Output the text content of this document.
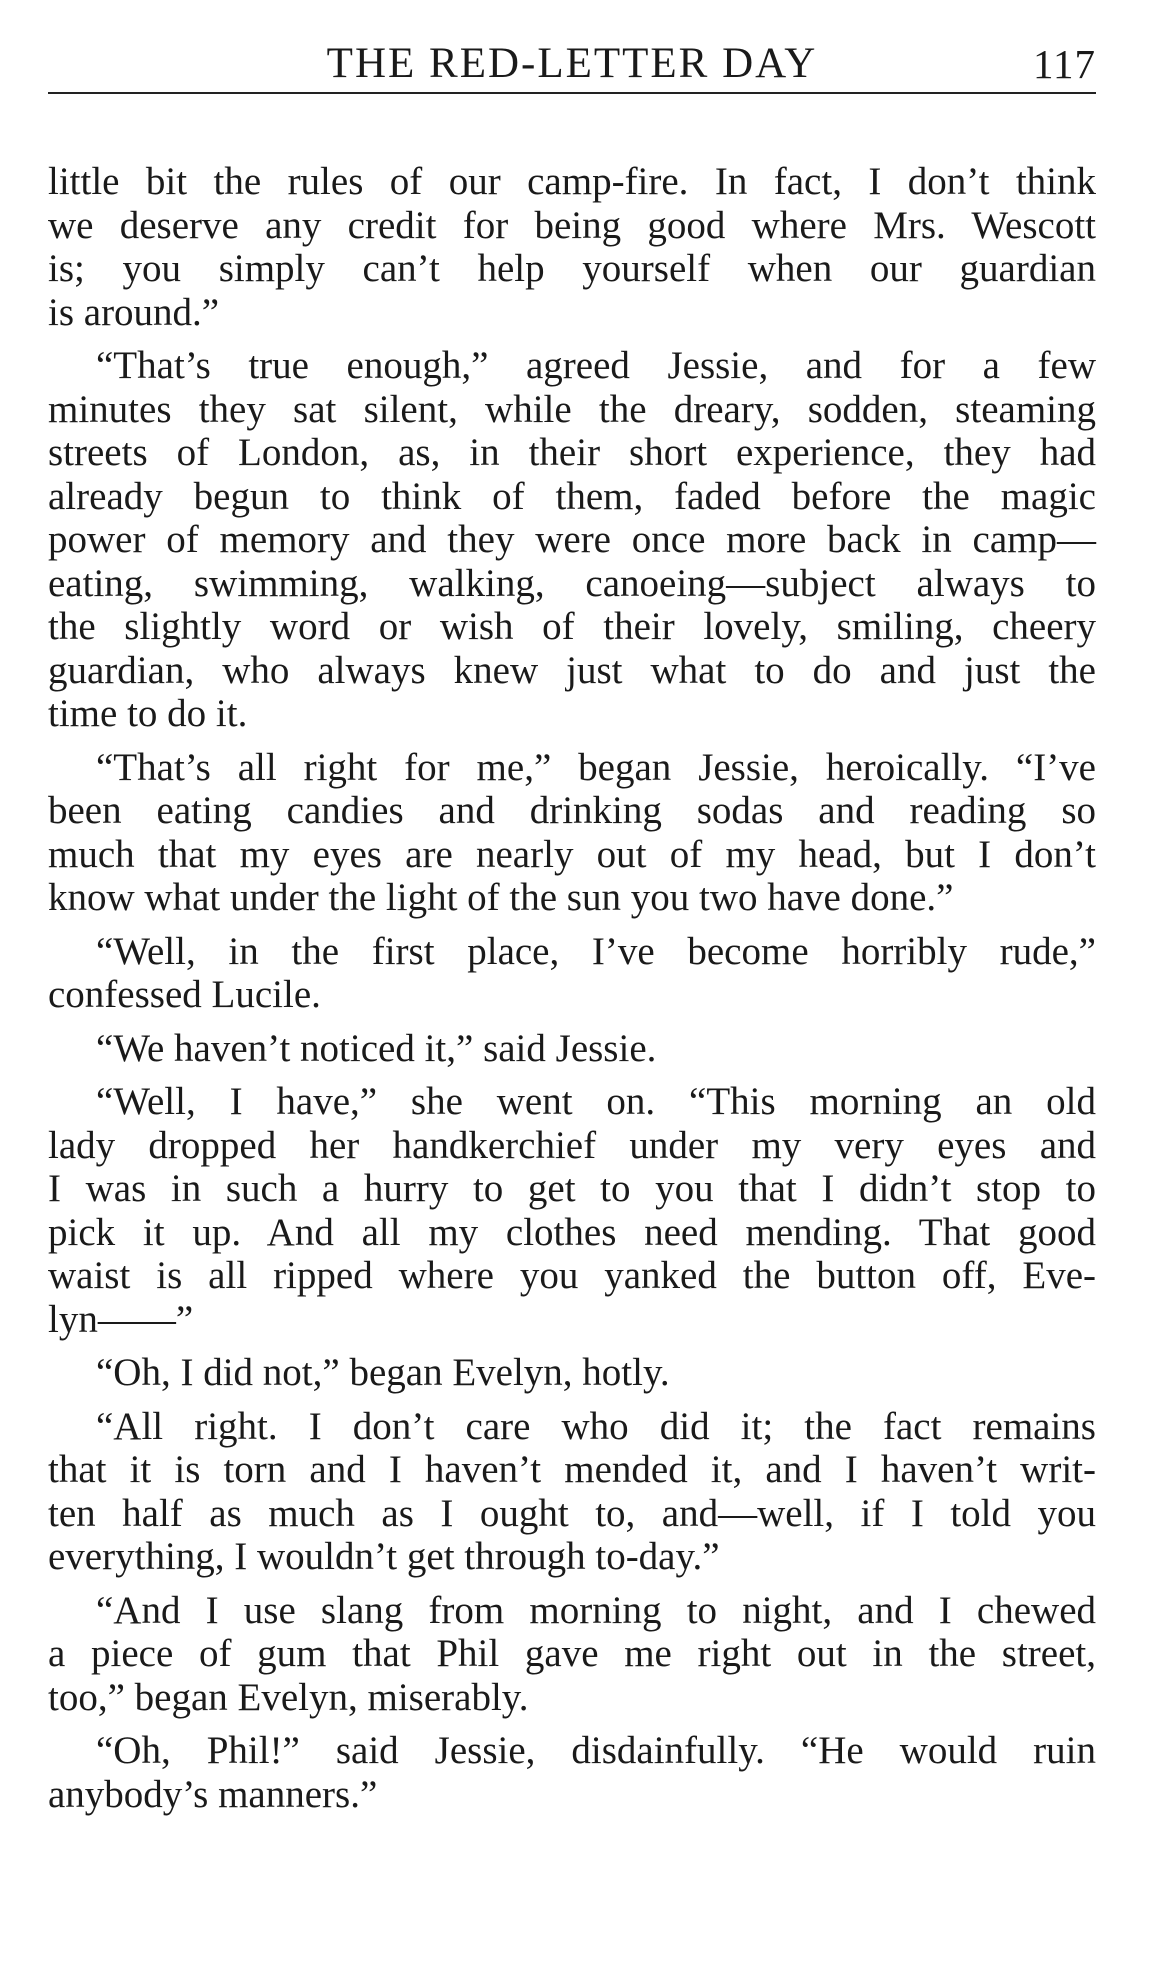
THE RED-LETTER DAY	117

little bit the rules of our camp-fire. In fact, I don’t think
we deserve any credit for being good where Mrs. Wescott
is; you simply can’t help yourself when our guardian
is around.”

“That’s true enough,” agreed Jessie, and for a few
minutes they sat silent, while the dreary, sodden, steaming
streets of London, as, in their short experience, they had
already begun to think of them, faded before the magic
power of memory and they were once more back in camp—
eating, swimming, walking, canoeing—subject always to
the slightly word or wish of their lovely, smiling, cheery
guardian, who always knew just what to do and just the
time to do it.

“That’s all right for me,” began Jessie, heroically. “I’ve
been eating candies and drinking sodas and reading so
much that my eyes are nearly out of my head, but I don’t
know what under the light of the sun you two have done.”

“Well, in the first place, I’ve become horribly rude,”
confessed Lucile.

“We haven’t noticed it,” said Jessie.

“Well, I have,” she went on. “This morning an old
lady dropped her handkerchief under my very eyes and
I was in such a hurry to get to you that I didn’t stop to
pick it up. And all my clothes need mending. That good
waist is all ripped where you yanked the button off, Eve-
lyn——”

“Oh, I did not,” began Evelyn, hotly.

“All right. I don’t care who did it; the fact remains
that it is torn and I haven’t mended it, and I haven’t writ-
ten half as much as I ought to, and—well, if I told you
everything, I wouldn’t get through to-day.”

“And I use slang from morning to night, and I chewed
a piece of gum that Phil gave me right out in the street,
too,” began Evelyn, miserably.

“Oh, Phil!” said Jessie, disdainfully. “He would ruin
anybody’s manners.”
